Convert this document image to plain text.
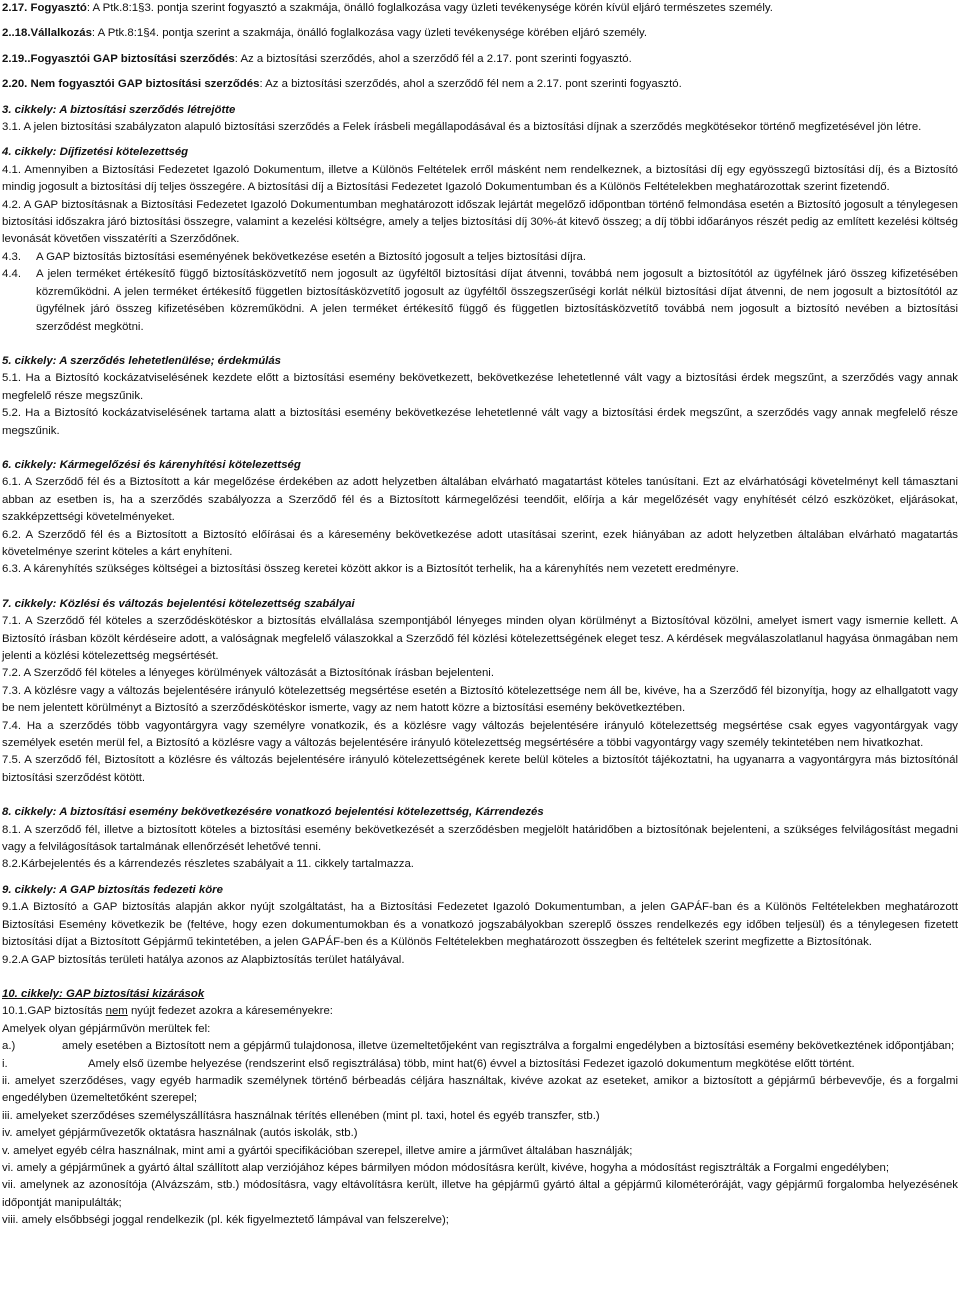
2.17. Fogyasztó: A Ptk.8:1§3. pontja szerint fogyasztó a szakmája, önálló foglalkozása vagy üzleti tevékenysége körén kívül eljáró természetes személy.

2..18.Vállalkozás: A Ptk.8:1§4. pontja szerint a szakmája, önálló foglalkozása vagy üzleti tevékenysége körében eljáró személy.

2.19..Fogyasztói GAP biztosítási szerződés: Az a biztosítási szerződés, ahol a szerződő fél a 2.17. pont szerinti fogyasztó.

2.20. Nem fogyasztói GAP biztosítási szerződés: Az a biztosítási szerződés, ahol a szerződő fél nem a 2.17. pont szerinti fogyasztó.

3. cikkely: A biztosítási szerződés létrejötte

3.1. A jelen biztosítási szabályzaton alapuló biztosítási szerződés a Felek írásbeli megállapodásával és a biztosítási díjnak a szerződés megkötésekor történő megfizetésével jön létre.

4. cikkely: Díjfizetési kötelezettség

4.1. Amennyiben a Biztosítási Fedezetet Igazoló Dokumentum, illetve a Különös Feltételek erről másként nem rendelkeznek, a biztosítási díj egy egyösszegű biztosítási díj, és a Biztosító mindig jogosult a biztosítási díj teljes összegére. A biztosítási díj a Biztosítási Fedezetet Igazoló Dokumentumban és a Különös Feltételekben meghatározottak szerint fizetendő.

4.2. A GAP biztosításnak a Biztosítási Fedezetet Igazoló Dokumentumban meghatározott időszak lejártát megelőző időpontban történő felmondása esetén a Biztosító jogosult a ténylegesen biztosítási időszakra járó biztosítási összegre, valamint a kezelési költségre, amely a teljes biztosítási díj 30%-át kitevő összeg; a díj többi időarányos részét pedig az említett kezelési költség levonását követően visszatéríti a Szerződőnek.

4.3. A GAP biztosítás biztosítási eseményének bekövetkezése esetén a Biztosító jogosult a teljes biztosítási díjra.

4.4.	A jelen terméket értékesítő függő biztosításközvetítő nem jogosult az ügyféltől biztosítási díjat átvenni, továbbá nem jogosult a biztosítótól az ügyfélnek járó összeg kifizetésében közreműködni. A jelen terméket értékesítő független biztosításközvetítő jogosult az ügyféltől összegszerűségi korlát nélkül biztosítási díjat átvenni, de nem jogosult a biztosítótól az ügyfélnek járó összeg kifizetésében közreműködni. A jelen terméket értékesítő függő és független biztosításközvetítő továbbá nem jogosult a biztosító nevében a biztosítási szerződést megkötni.

5. cikkely: A szerződés lehetetlenülése; érdekmúlás

5.1. Ha a Biztosító kockázatviselésének kezdete előtt a biztosítási esemény bekövetkezett, bekövetkezése lehetetlenné vált vagy a biztosítási érdek megszűnt, a szerződés vagy annak megfelelő része megszűnik.

5.2. Ha a Biztosító kockázatviselésének tartama alatt a biztosítási esemény bekövetkezése lehetetlenné vált vagy a biztosítási érdek megszűnt, a szerződés vagy annak megfelelő része megszűnik.

6. cikkely: Kármegelőzési és kárenyhítési kötelezettség

6.1. A Szerződő fél és a Biztosított a kár megelőzése érdekében az adott helyzetben általában elvárható magatartást köteles tanúsítani. Ezt az elvárhatósági követelményt kell támasztani abban az esetben is, ha a szerződés szabályozza a Szerződő fél és a Biztosított kármegelőzési teendőit, előírja a kár megelőzését vagy enyhítését célzó eszközöket, eljárásokat, szakképzettségi követelményeket.

6.2. A Szerződő fél és a Biztosított a Biztosító előírásai és a káresemény bekövetkezése adott utasításai szerint, ezek hiányában az adott helyzetben általában elvárható magatartás követelménye szerint köteles a kárt enyhíteni.

6.3. A kárenyhítés szükséges költségei a biztosítási összeg keretei között akkor is a Biztosítót terhelik, ha a kárenyhítés nem vezetett eredményre.

7. cikkely: Közlési és változás bejelentési kötelezettség szabályai

7.1. A Szerződő fél köteles a szerződéskötéskor a biztosítás elvállalása szempontjából lényeges minden olyan körülményt a Biztosítóval közölni, amelyet ismert vagy ismernie kellett. A Biztosító írásban közölt kérdéseire adott, a valóságnak megfelelő válaszokkal a Szerződő fél közlési kötelezettségének eleget tesz. A kérdések megválaszolatlanul hagyása önmagában nem jelenti a közlési kötelezettség megsértését.

7.2. A Szerződő fél köteles a lényeges körülmények változását a Biztosítónak írásban bejelenteni.

7.3. A közlésre vagy a változás bejelentésére irányuló kötelezettség megsértése esetén a Biztosító kötelezettsége nem áll be, kivéve, ha a Szerződő fél bizonyítja, hogy az elhallgatott vagy be nem jelentett körülményt a Biztosító a szerződéskötéskor ismerte, vagy az nem hatott közre a biztosítási esemény bekövetkeztében.

7.4. Ha a szerződés több vagyontárgyra vagy személyre vonatkozik, és a közlésre vagy változás bejelentésére irányuló kötelezettség megsértése csak egyes vagyontárgyak vagy személyek esetén merül fel, a Biztosító a közlésre vagy a változás bejelentésére irányuló kötelezettség megsértésére a többi vagyontárgy vagy személy tekintetében nem hivatkozhat.

7.5. A szerződő fél, Biztosított a közlésre és változás bejelentésére irányuló kötelezettségének kerete belül köteles a biztosítót tájékoztatni, ha ugyanarra a vagyontárgyra más biztosítónál biztosítási szerződést kötött.

8. cikkely: A biztosítási esemény bekövetkezésére vonatkozó bejelentési kötelezettség, Kárrendezés

8.1. A szerződő fél, illetve a biztosított köteles a biztosítási esemény bekövetkezését a szerződésben megjelölt határidőben a biztosítónak bejelenteni, a szükséges felvilágosítást megadni vagy a felvilágosítások tartalmának ellenőrzését lehetővé tenni.

8.2.Kárbejelentés és a kárrendezés részletes szabályait a 11. cikkely tartalmazza.

9. cikkely: A GAP biztosítás fedezeti köre

9.1.A Biztosító a GAP biztosítás alapján akkor nyújt szolgáltatást, ha a Biztosítási Fedezetet Igazoló Dokumentumban, a jelen GAPÁF-ban és a Különös Feltételekben meghatározott Biztosítási Esemény következik be (feltéve, hogy ezen dokumentumokban és a vonatkozó jogszabályokban szereplő összes rendelkezés egy időben teljesül) és a ténylegesen fizetett biztosítási díjat a Biztosított Gépjármű tekintetében, a jelen GAPÁF-ben és a Különös Feltételekben meghatározott összegben és feltételek szerint megfizette a Biztosítónak.

9.2.A GAP biztosítás területi hatálya azonos az Alapbiztosítás terület hatályával.

10. cikkely: GAP biztosítási kizárások

10.1.GAP biztosítás nem nyújt fedezet azokra a káreseményekre:

Amelyek olyan gépjárművön merültek fel:

a.)	amely esetében a Biztosított nem a gépjármű tulajdonosa, illetve üzemeltetőjeként van regisztrálva a forgalmi engedélyben a biztosítási esemény bekövetkeztének időpontjában;

i.	Amely első üzembe helyezése (rendszerint első regisztrálása) több, mint hat(6) évvel a biztosítási Fedezet igazoló dokumentum megkötése előtt történt.

ii. amelyet szerződéses, vagy egyéb harmadik személynek történő bérbeadás céljára használtak, kivéve azokat az eseteket, amikor a biztosított a gépjármű bérbevevője, és a forgalmi engedélyben üzemeltetőként szerepel;

iii. amelyeket szerződéses személyszállításra használnak térítés ellenében (mint pl. taxi, hotel és egyéb transzfer, stb.)

iv. amelyet gépjárművezetők oktatásra használnak (autós iskolák, stb.)

v. amelyet egyéb célra használnak, mint ami a gyártói specifikációban szerepel, illetve amire a járművet általában használják;

vi. amely a gépjárműnek a gyártó által szállított alap verziójához képes bármilyen módon módosításra került, kivéve, hogyha a módosítást regisztrálták a Forgalmi engedélyben;

vii. amelynek az azonosítója (Alvázszám, stb.) módosításra, vagy eltávolításra került, illetve ha gépjármű gyártó által a gépjármű kilométeróráját, vagy gépjármű forgalomba helyezésének időpontját manipulálták;

viii. amely elsőbbségi joggal rendelkezik (pl. kék figyelmeztető lámpával van felszerelve);
